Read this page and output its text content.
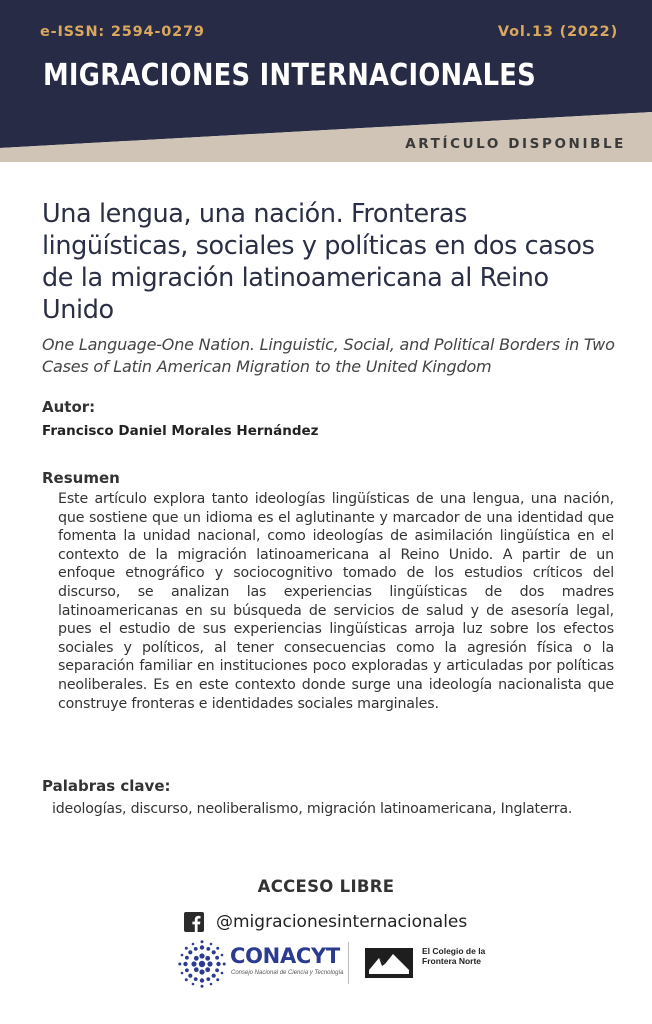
e-ISSN: 2594-0279	Vol.13 (2022)
MIGRACIONES INTERNACIONALES
ARTÍCULO DISPONIBLE
Una lengua, una nación. Fronteras lingüísticas, sociales y políticas en dos casos de la migración latinoamericana al Reino Unido
One Language-One Nation. Linguistic, Social, and Political Borders in Two Cases of Latin American Migration to the United Kingdom
Autor:
Francisco Daniel Morales Hernández
Resumen
Este artículo explora tanto ideologías lingüísticas de una lengua, una nación, que sostiene que un idioma es el aglutinante y marcador de una identidad que fomenta la unidad nacional, como ideologías de asimilación lingüística en el contexto de la migración latinoamericana al Reino Unido. A partir de un enfoque etnográfico y sociocognitivo tomado de los estudios críticos del discurso, se analizan las experiencias lingüísticas de dos madres latinoamericanas en su búsqueda de servicios de salud y de asesoría legal, pues el estudio de sus experiencias lingüísticas arroja luz sobre los efectos sociales y políticos, al tener consecuencias como la agresión física o la separación familiar en instituciones poco exploradas y articuladas por políticas neoliberales. Es en este contexto donde surge una ideología nacionalista que construye fronteras e identidades sociales marginales.
Palabras clave:
ideologías, discurso, neoliberalismo, migración latinoamericana, Inglaterra.
ACCESO LIBRE
@migracionesinternacionales
CONACYT
Consejo Nacional de Ciencia y Tecnología
El Colegio de la Frontera Norte
